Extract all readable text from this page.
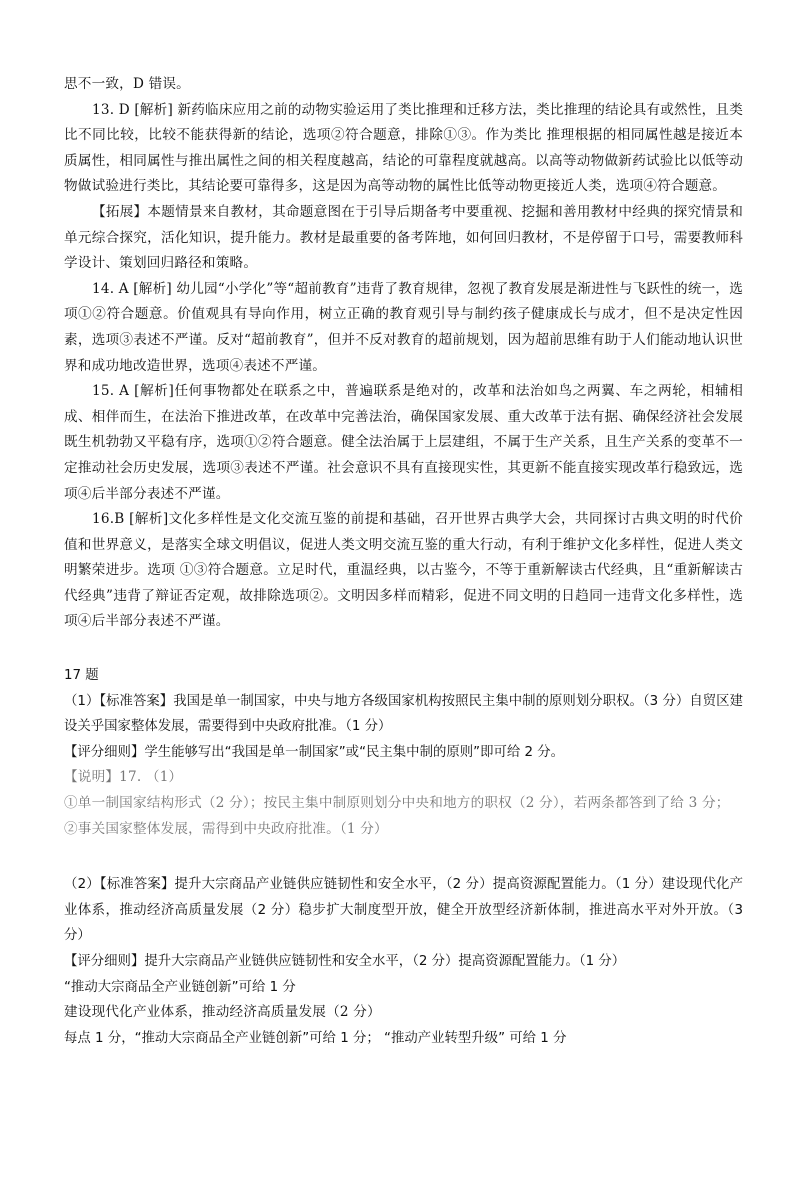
思不一致，D 错误。

13. D [解析] 新药临床应用之前的动物实验运用了类比推理和迁移方法，类比推理的结论具有或然性，且类比不同比较，比较不能获得新的结论，选项②符合题意，排除①③。作为类比 推理根据的相同属性越是接近本质属性，相同属性与推出属性之间的相关程度越高，结论的可靠程度就越高。以高等动物做新药试验比以低等动物做试验进行类比，其结论要可靠得多，这是因为高等动物的属性比低等动物更接近人类，选项④符合题意。

【拓展】本题情景来自教材，其命题意图在于引导后期备考中要重视、挖掘和善用教材中经典的探究情景和单元综合探究，活化知识，提升能力。教材是最重要的备考阵地，如何回归教材，不是停留于口号，需要教师科学设计、策划回归路径和策略。

14. A [解析] 幼儿园“小学化”等“超前教育”违背了教育规律，忽视了教育发展是渐进性与飞跃性的统一，选项①②符合题意。价值观具有导向作用，树立正确的教育观引导与制约孩子健康成长与成才，但不是决定性因素，选项③表述不严谨。反对“超前教育”，但并不反对教育的超前规划，因为超前思维有助于人们能动地认识世界和成功地改造世界，选项④表述不严谨。

15. A [解析]任何事物都处在联系之中，普遍联系是绝对的，改革和法治如鸟之两翼、车之两轮，相辅相成、相伴而生，在法治下推进改革，在改革中完善法治，确保国家发展、重大改革于法有据、确保经济社会发展既生机勃勃又平稳有序，选项①②符合题意。健全法治属于上层建组，不属于生产关系，且生产关系的变革不一定推动社会历史发展，选项③表述不严谨。社会意识不具有直接现实性，其更新不能直接实现改革行稳致远，选项④后半部分表述不严谨。

16.B [解析]文化多样性是文化交流互鉴的前提和基础，召开世界古典学大会，共同探讨古典文明的时代价值和世界意义，是落实全球文明倡议，促进人类文明交流互鉴的重大行动，有利于维护文化多样性，促进人类文明繁荣进步。选项 ①③符合题意。立足时代，重温经典，以古鉴今，不等于重新解读古代经典，且“重新解读古代经典”违背了辩证否定观，故排除选项②。文明因多样而精彩，促进不同文明的日趋同一违背文化多样性，选项④后半部分表述不严谨。

17 题

（1）【标准答案】我国是单一制国家，中央与地方各级国家机构按照民主集中制的原则划分职权。（3 分）自贸区建设关乎国家整体发展，需要得到中央政府批准。（1 分）

【评分细则】学生能够写出“我国是单一制国家”或“民主集中制的原则”即可给 2 分。

【说明】17. （1）

①单一制国家结构形式（2 分）；按民主集中制原则划分中央和地方的职权（2 分），若两条都答到了给 3 分；

②事关国家整体发展，需得到中央政府批准。（1 分）

（2）【标准答案】提升大宗商品产业链供应链韧性和安全水平，（2 分）提高资源配置能力。（1 分）建设现代化产业体系，推动经济高质量发展（2 分）稳步扩大制度型开放，健全开放型经济新体制，推进高水平对外开放。（3 分）

【评分细则】提升大宗商品产业链供应链韧性和安全水平，（2 分）提高资源配置能力。（1 分）

“推动大宗商品全产业链创新”可给 1 分

建设现代化产业体系，推动经济高质量发展（2 分）

每点 1 分，“推动大宗商品全产业链创新”可给 1 分； “推动产业转型升级” 可给 1 分
